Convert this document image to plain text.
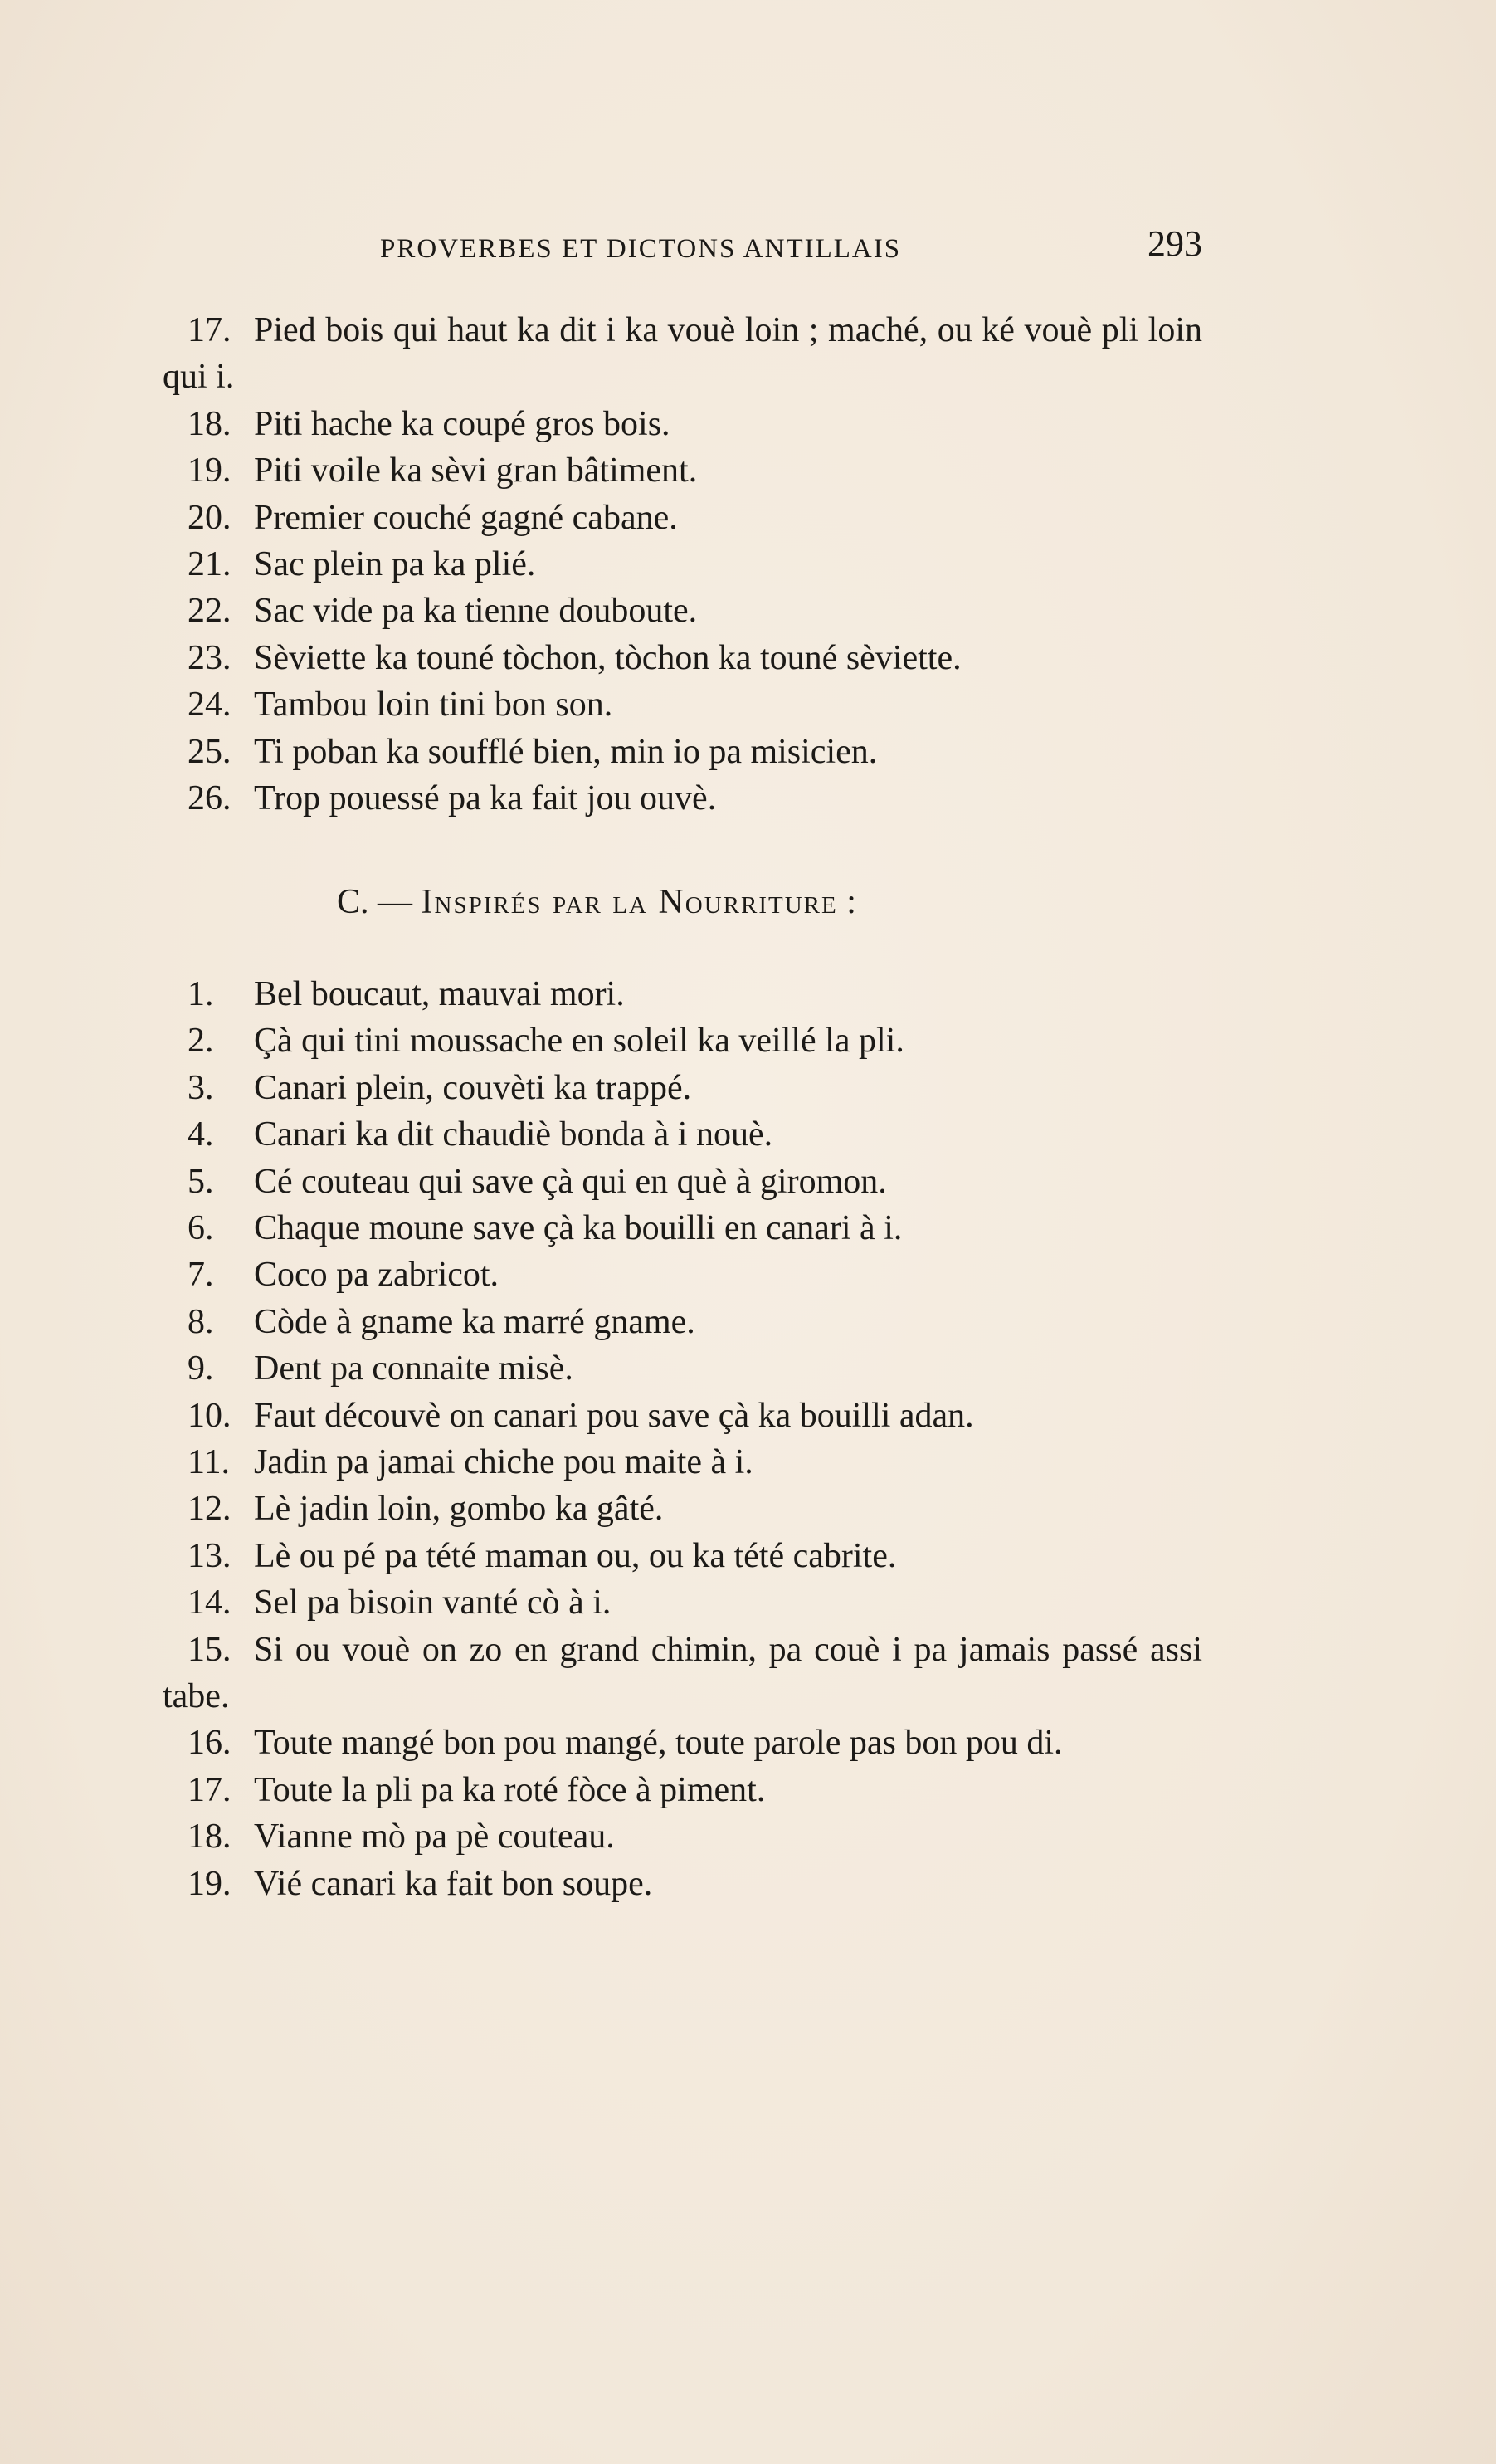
PROVERBES ET DICTONS ANTILLAIS	293

17. Pied bois qui haut ka dit i ka vouè loin ; maché, ou ké vouè pli loin qui i.

18. Piti hache ka coupé gros bois.

19. Piti voile ka sèvi gran bâtiment.

20. Premier couché gagné cabane.

21. Sac plein pa ka plié.

22. Sac vide pa ka tienne douboute.

23. Sèviette ka touné tòchon, tòchon ka touné sèviette.

24. Tambou loin tini bon son.

25. Ti poban ka soufflé bien, min io pa misicien.

26. Trop pouessé pa ka fait jou ouvè.

C. — Inspirés par la Nourriture :

1. Bel boucaut, mauvai mori.

2. Çà qui tini moussache en soleil ka veillé la pli.

3. Canari plein, couvèti ka trappé.

4. Canari ka dit chaudiè bonda à i nouè.

5. Cé couteau qui save çà qui en què à giromon.

6. Chaque moune save çà ka bouilli en canari à i.

7. Coco pa zabricot.

8. Còde à gname ka marré gname.

9. Dent pa connaite misè.

10. Faut découvè on canari pou save çà ka bouilli adan.

11. Jadin pa jamai chiche pou maite à i.

12. Lè jadin loin, gombo ka gâté.

13. Lè ou pé pa tété maman ou, ou ka tété cabrite.

14. Sel pa bisoin vanté cò à i.

15. Si ou vouè on zo en grand chimin, pa couè i pa jamais passé assi tabe.

16. Toute mangé bon pou mangé, toute parole pas bon pou di.

17. Toute la pli pa ka roté fòce à piment.

18. Vianne mò pa pè couteau.

19. Vié canari ka fait bon soupe.
